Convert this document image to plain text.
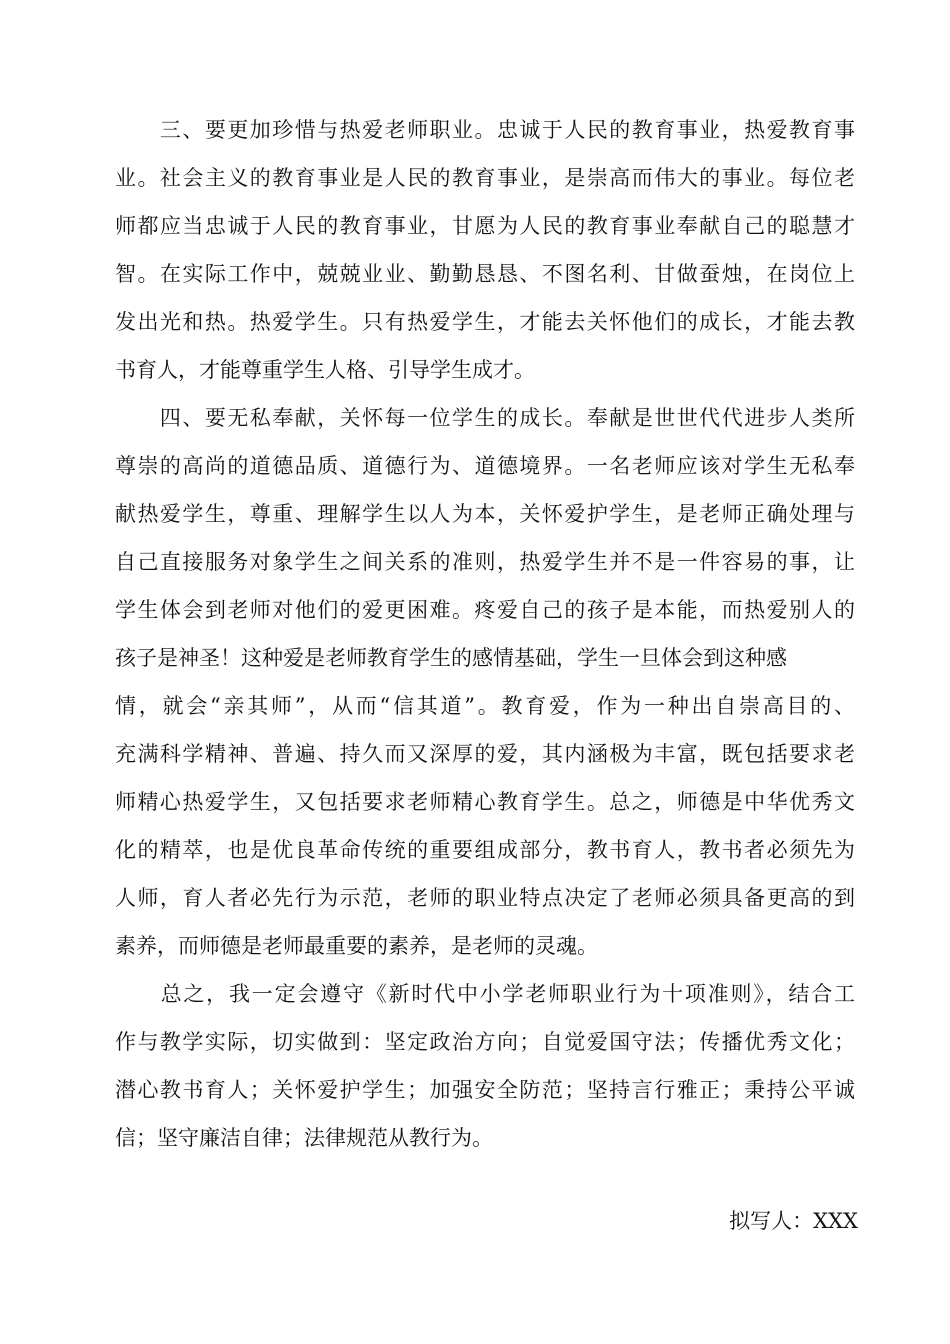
　　三、要更加珍惜与热爱老师职业。忠诚于人民的教育事业，热爱教育事
业。社会主义的教育事业是人民的教育事业，是崇高而伟大的事业。每位老
师都应当忠诚于人民的教育事业，甘愿为人民的教育事业奉献自己的聪慧才
智。在实际工作中，兢兢业业、勤勤恳恳、不图名利、甘做蚕烛，在岗位上
发出光和热。热爱学生。只有热爱学生，才能去关怀他们的成长，才能去教
书育人，才能尊重学生人格、引导学生成才。
　　四、要无私奉献，关怀每一位学生的成长。奉献是世世代代进步人类所
尊崇的高尚的道德品质、道德行为、道德境界。一名老师应该对学生无私奉
献热爱学生，尊重、理解学生以人为本，关怀爱护学生，是老师正确处理与
自己直接服务对象学生之间关系的准则，热爱学生并不是一件容易的事，让
学生体会到老师对他们的爱更困难。疼爱自己的孩子是本能，而热爱别人的
孩子是神圣！这种爱是老师教育学生的感情基础，学生一旦体会到这种感
情，就会“亲其师”，从而“信其道”。教育爱，作为一种出自崇高目的、
充满科学精神、普遍、持久而又深厚的爱，其内涵极为丰富，既包括要求老
师精心热爱学生，又包括要求老师精心教育学生。总之，师德是中华优秀文
化的精萃，也是优良革命传统的重要组成部分，教书育人，教书者必须先为
人师，育人者必先行为示范，老师的职业特点决定了老师必须具备更高的到
素养，而师德是老师最重要的素养，是老师的灵魂。
　　总之，我一定会遵守《新时代中小学老师职业行为十项准则》，结合工
作与教学实际，切实做到：坚定政治方向；自觉爱国守法；传播优秀文化；
潜心教书育人；关怀爱护学生；加强安全防范；坚持言行雅正；秉持公平诚
信；坚守廉洁自律；法律规范从教行为。
拟写人：XXX
